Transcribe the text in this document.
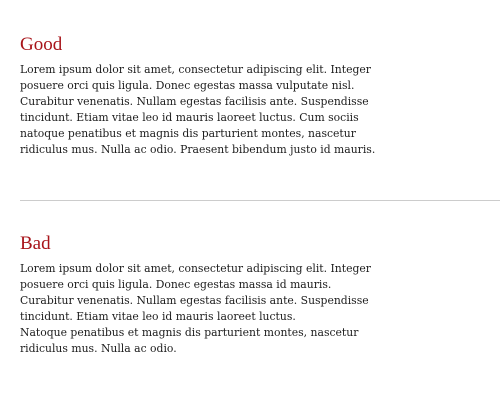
Good

Lorem ipsum dolor sit amet, consectetur adipiscing elit. Integer
posuere orci quis ligula. Donec egestas massa vulputate nisl.
Curabitur venenatis. Nullam egestas facilisis ante. Suspendisse
tincidunt. Etiam vitae leo id mauris laoreet luctus. Cum sociis
natoque penatibus et magnis dis parturient montes, nascetur
ridiculus mus. Nulla ac odio. Praesent bibendum justo id mauris.

Bad

Lorem ipsum dolor sit amet, consectetur adipiscing elit. Integer
posuere orci quis ligula. Donec egestas massa id mauris.
Curabitur venenatis. Nullam egestas facilisis ante. Suspendisse
tincidunt. Etiam vitae leo id mauris laoreet luctus.
Natoque penatibus et magnis dis parturient montes, nascetur
ridiculus mus. Nulla ac odio.
